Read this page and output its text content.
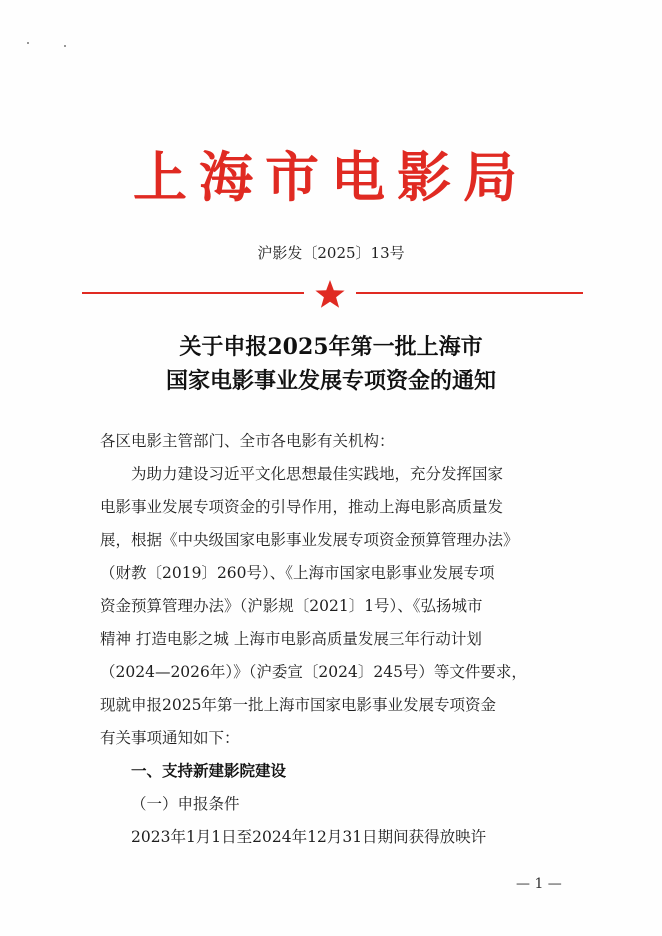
上海市电影局
沪影发〔2025〕13号
关于申报2025年第一批上海市
国家电影事业发展专项资金的通知
各区电影主管部门、全市各电影有关机构：
为助力建设习近平文化思想最佳实践地，充分发挥国家
电影事业发展专项资金的引导作用，推动上海电影高质量发
展，根据《中央级国家电影事业发展专项资金预算管理办法》
（财教〔2019〕260号）、《上海市国家电影事业发展专项
资金预算管理办法》（沪影规〔2021〕1号）、《弘扬城市
精神 打造电影之城 上海市电影高质量发展三年行动计划
（2024—2026年）》（沪委宣〔2024〕245号）等文件要求，
现就申报2025年第一批上海市国家电影事业发展专项资金
有关事项通知如下：
一、支持新建影院建设
（一）申报条件
2023年1月1日至2024年12月31日期间获得放映许
— 1 —
